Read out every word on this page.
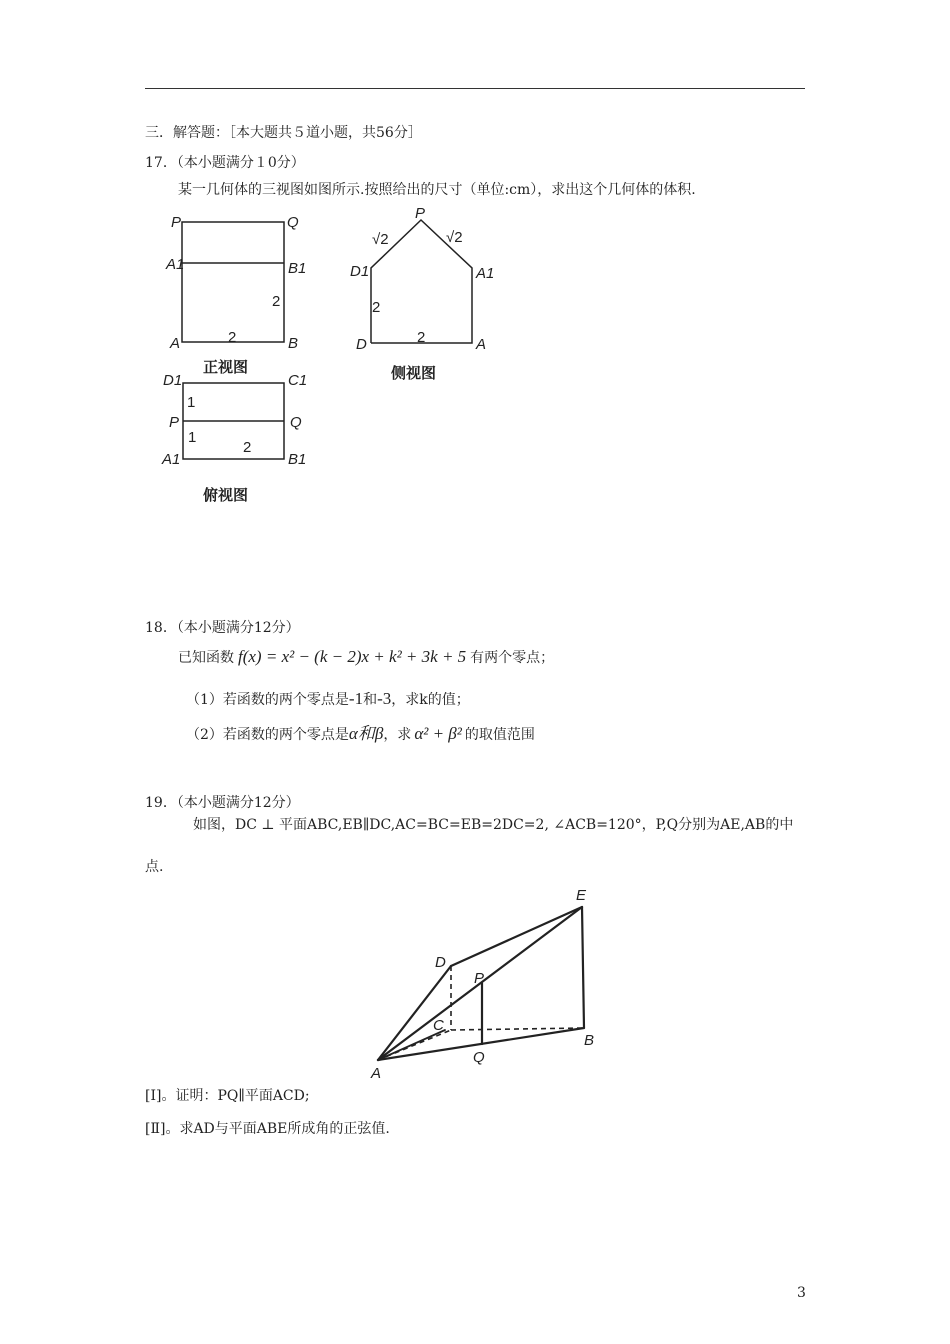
三．解答题：［本大题共５道小题，共56分］
17．（本小题满分１0分）
某一几何体的三视图如图所示.按照给出的尺寸（单位:cm），求出这个几何体的体积.
P	Q
A1	B1
A	B
2
2
正视图
P
D1	A1
D	A
√2	√2
2
2
侧视图
D1	C1
P	Q
A1	B1
1
1
2
俯视图
18．（本小题满分12分）
已知函数 f(x) = x² − (k − 2)x + k² + 3k + 5 有两个零点；
（1）若函数的两个零点是-1和-3，求k的值；
（2）若函数的两个零点是α和β，求 α² + β² 的取值范围
19．（本小题满分12分）
如图，DC ⊥ 平面ABC,EB∥DC,AC=BC=EB=2DC=2, ∠ACB=120°，P,Q分别为AE,AB的中
点.
E
D
P
C
B
A
Q
[Ⅰ]。证明：PQ∥平面ACD;
[Ⅱ]。求AD与平面ABE所成角的正弦值.
3
